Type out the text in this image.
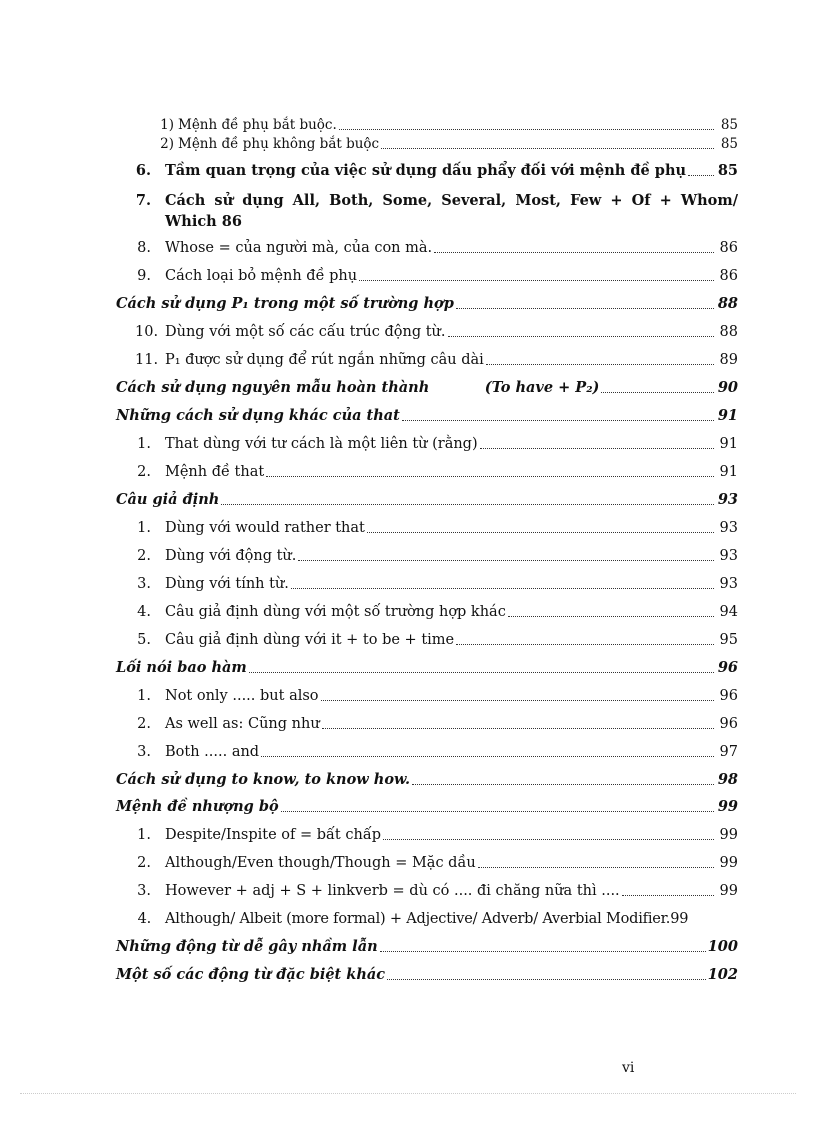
1) Mệnh đề phụ bắt buộc.	85
2) Mệnh đề phụ không bắt buộc	85
6. Tầm quan trọng của việc sử dụng dấu phẩy đối với mệnh đề phụ 85
7. Cách sử dụng All, Both, Some, Several, Most, Few + Of + Whom/ Which 86
8. Whose = của người mà, của con mà.	86
9. Cách loại bỏ mệnh đề phụ	86
Cách sử dụng P₁ trong một số trường hợp	88
10. Dùng với một số các cấu trúc động từ.	88
11. P₁ được sử dụng để rút ngắn những câu dài	89
Cách sử dụng nguyên mẫu hoàn thành           (To have + P₂)	90
Những cách sử dụng khác của that	91
1. That dùng với tư cách là một liên từ (rằng)	91
2. Mệnh đề that	91
Câu giả định	93
1. Dùng với would rather that	93
2. Dùng với động từ.	93
3. Dùng với tính từ.	93
4. Câu giả định dùng với một số trường hợp khác	94
5. Câu giả định dùng với it + to be + time	95
Lối nói bao hàm	96
1. Not only ..... but also	96
2. As well as: Cũng như	96
3. Both ..... and	97
Cách sử dụng to know, to know how.	98
Mệnh đề nhượng bộ	99
1. Despite/Inspite of = bất chấp	99
2. Although/Even though/Though = Mặc dầu	99
3. However + adj + S + linkverb = dù có .... đi chăng nữa thì ....	99
4. Although/ Albeit (more formal) + Adjective/ Adverb/ Averbial Modifier. 99
Những động từ dễ gây nhầm lẫn	100
Một số các động từ đặc biệt khác	102
vi
